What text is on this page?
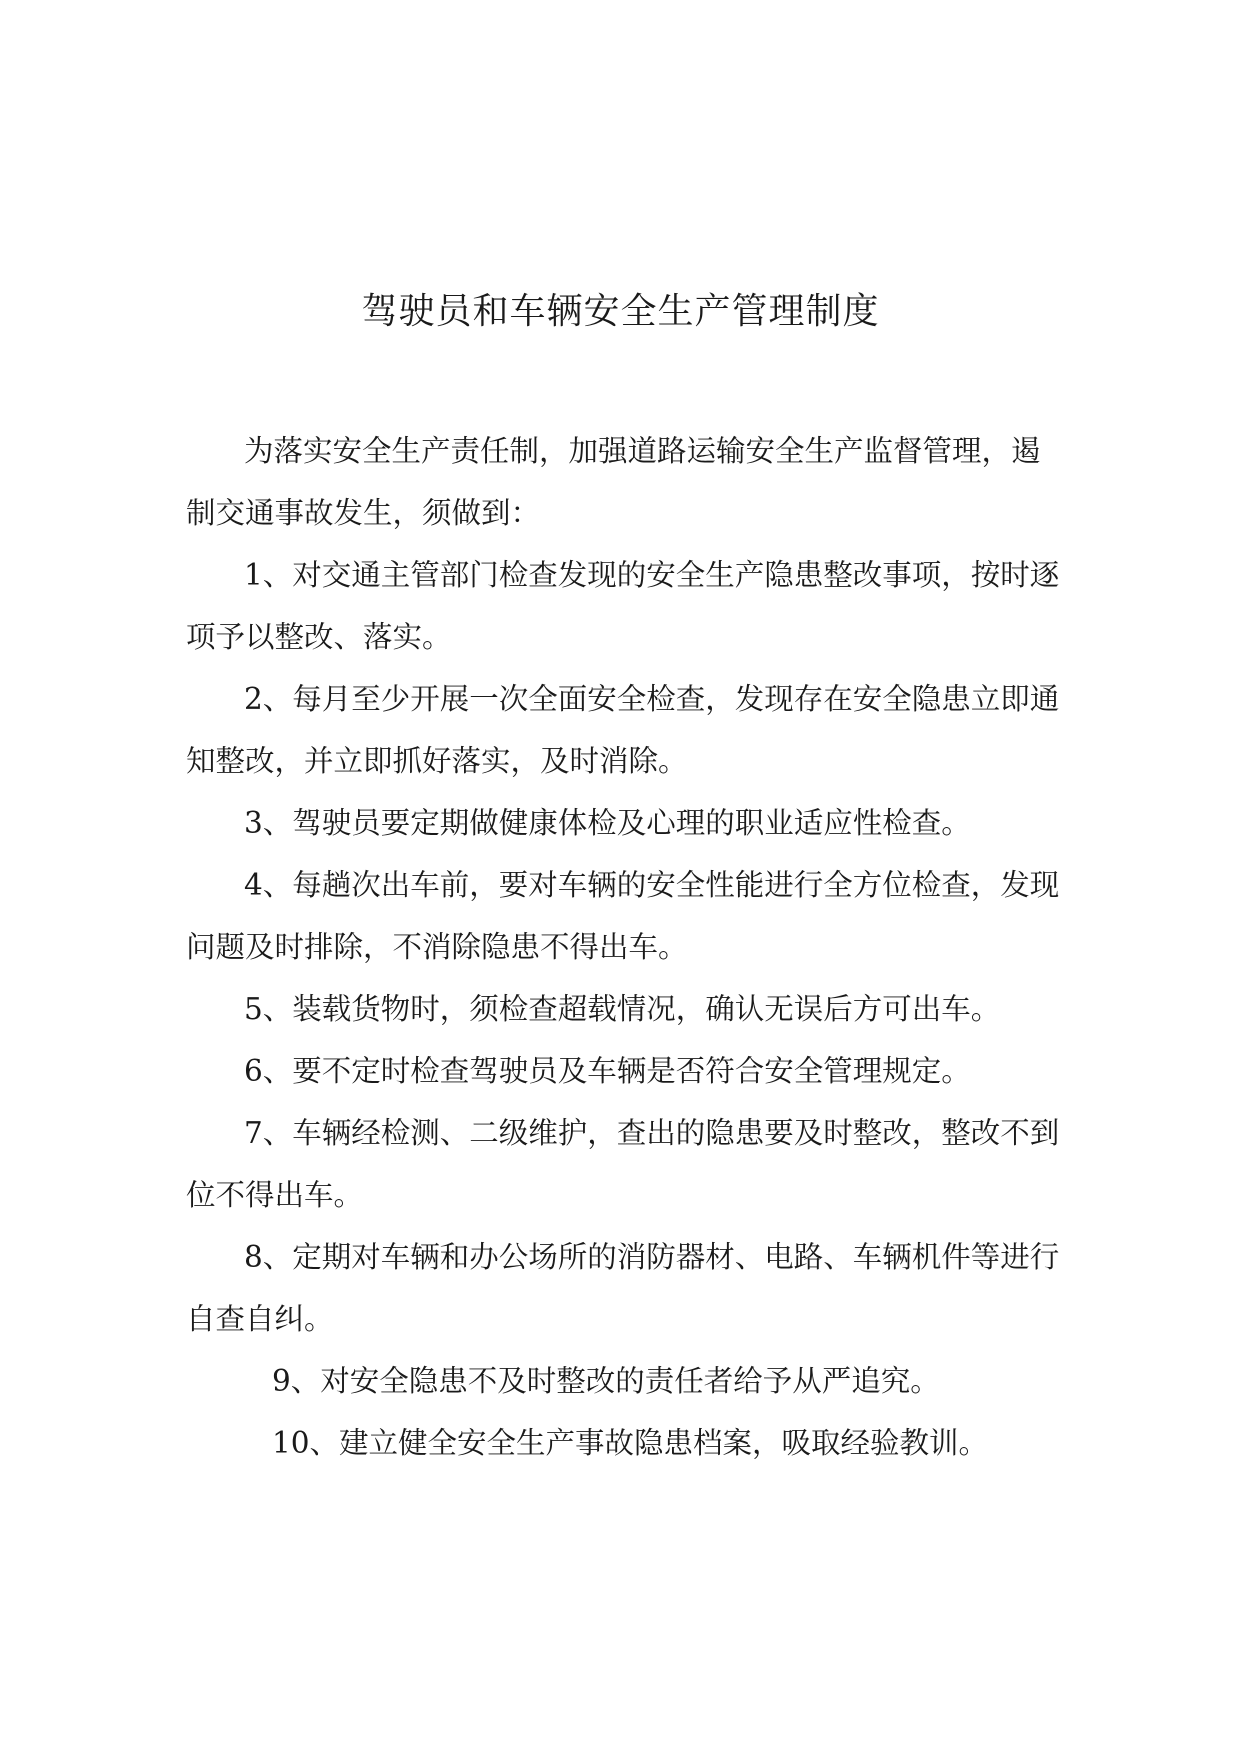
驾驶员和车辆安全生产管理制度

为落实安全生产责任制，加强道路运输安全生产监督管理，遏制交通事故发生，须做到：

1、对交通主管部门检查发现的安全生产隐患整改事项，按时逐项予以整改、落实。

2、每月至少开展一次全面安全检查，发现存在安全隐患立即通知整改，并立即抓好落实，及时消除。

3、驾驶员要定期做健康体检及心理的职业适应性检查。

4、每趟次出车前，要对车辆的安全性能进行全方位检查，发现问题及时排除，不消除隐患不得出车。

5、装载货物时，须检查超载情况，确认无误后方可出车。

6、要不定时检查驾驶员及车辆是否符合安全管理规定。

7、车辆经检测、二级维护，查出的隐患要及时整改，整改不到位不得出车。

8、定期对车辆和办公场所的消防器材、电路、车辆机件等进行自查自纠。

9、对安全隐患不及时整改的责任者给予从严追究。

10、建立健全安全生产事故隐患档案，吸取经验教训。
